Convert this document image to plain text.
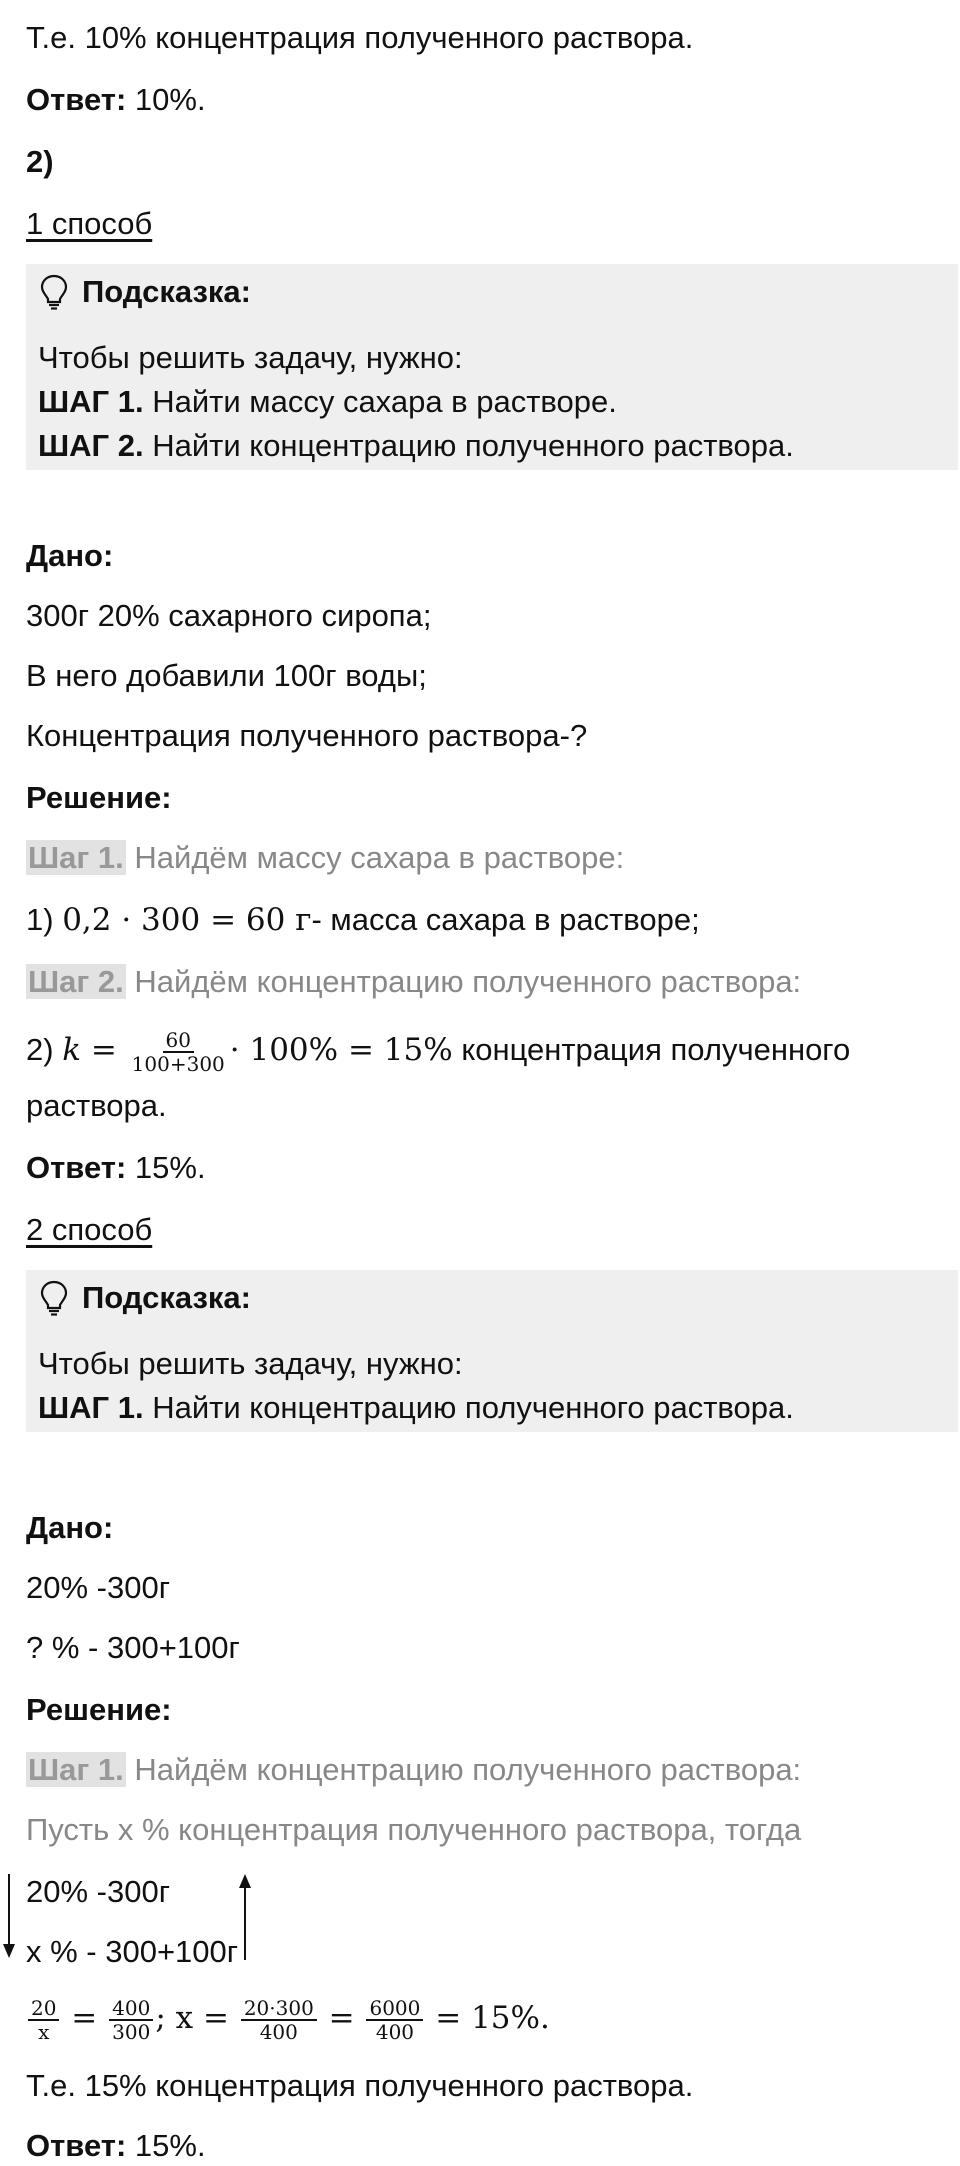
Т.е. 10% концентрация полученного раствора.
Ответ: 10%.
2)
1 способ
Подсказка:
Чтобы решить задачу, нужно:
ШАГ 1. Найти массу сахара в растворе.
ШАГ 2. Найти концентрацию полученного раствора.
Дано:
300г 20% сахарного сиропа;
В него добавили 100г воды;
Концентрация полученного раствора-?
Решение:
Шаг 1. Найдём массу сахара в растворе:
1) 0,2 · 300 = 60 г- масса сахара в растворе;
Шаг 2. Найдём концентрацию полученного раствора:
2) $k = \frac{60}{100+300} \cdot 100\% = 15\%$ концентрация полученного
раствора.
Ответ: 15%.
2 способ
Подсказка:
Чтобы решить задачу, нужно:
ШАГ 1. Найти концентрацию полученного раствора.
Дано:
20% -300г
? % - 300+100г
Решение:
Шаг 1. Найдём концентрацию полученного раствора:
Пусть x % концентрация полученного раствора, тогда
20% -300г
x % - 300+100г
$\frac{20}{x} = \frac{400}{300}$ ; $x = \frac{20\cdot 300}{400} = \frac{6000}{400} = 15\%$.
Т.е. 15% концентрация полученного раствора.
Ответ: 15%.
